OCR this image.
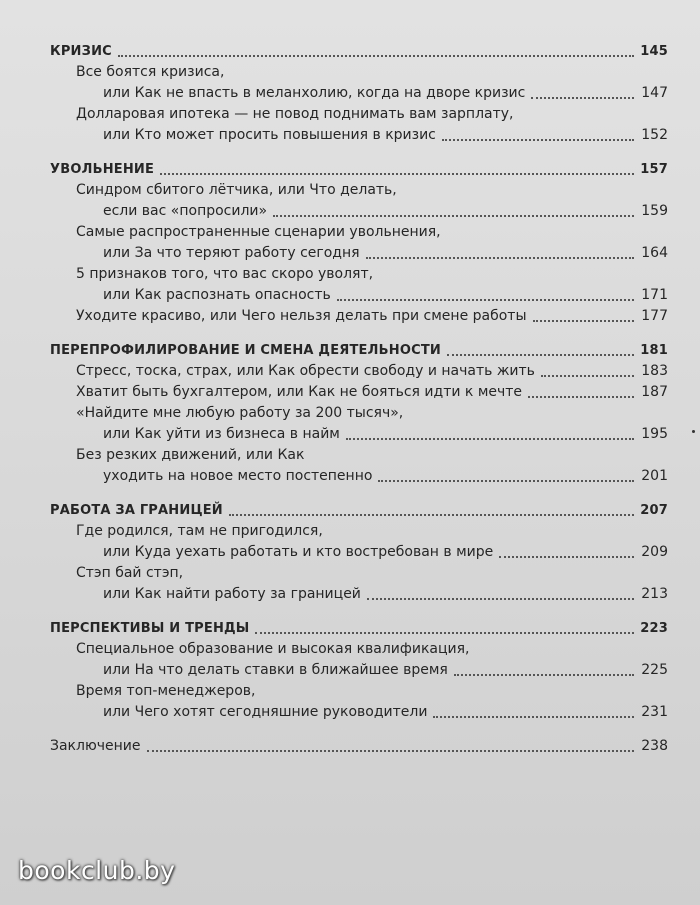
КРИЗИС	145
Все боятся кризиса,
или Как не впасть в меланхолию, когда на дворе кризис	147
Долларовая ипотека — не повод поднимать вам зарплату,
или Кто может просить повышения в кризис	152
УВОЛЬНЕНИЕ	157
Синдром сбитого лётчика, или Что делать,
если вас «попросили»	159
Самые распространенные сценарии увольнения,
или За что теряют работу сегодня	164
5 признаков того, что вас скоро уволят,
или Как распознать опасность	171
Уходите красиво, или Чего нельзя делать при смене работы	177
ПЕРЕПРОФИЛИРОВАНИЕ И СМЕНА ДЕЯТЕЛЬНОСТИ	181
Стресс, тоска, страх, или Как обрести свободу и начать жить	183
Хватит быть бухгалтером, или Как не бояться идти к мечте	187
«Найдите мне любую работу за 200 тысяч»,
или Как уйти из бизнеса в найм	195
Без резких движений, или Как
уходить на новое место постепенно	201
РАБОТА ЗА ГРАНИЦЕЙ	207
Где родился, там не пригодился,
или Куда уехать работать и кто востребован в мире	209
Стэп бай стэп,
или Как найти работу за границей	213
ПЕРСПЕКТИВЫ И ТРЕНДЫ	223
Специальное образование и высокая квалификация,
или На что делать ставки в ближайшее время	225
Время топ-менеджеров,
или Чего хотят сегодняшние руководители	231
Заключение	238
bookclub.by
